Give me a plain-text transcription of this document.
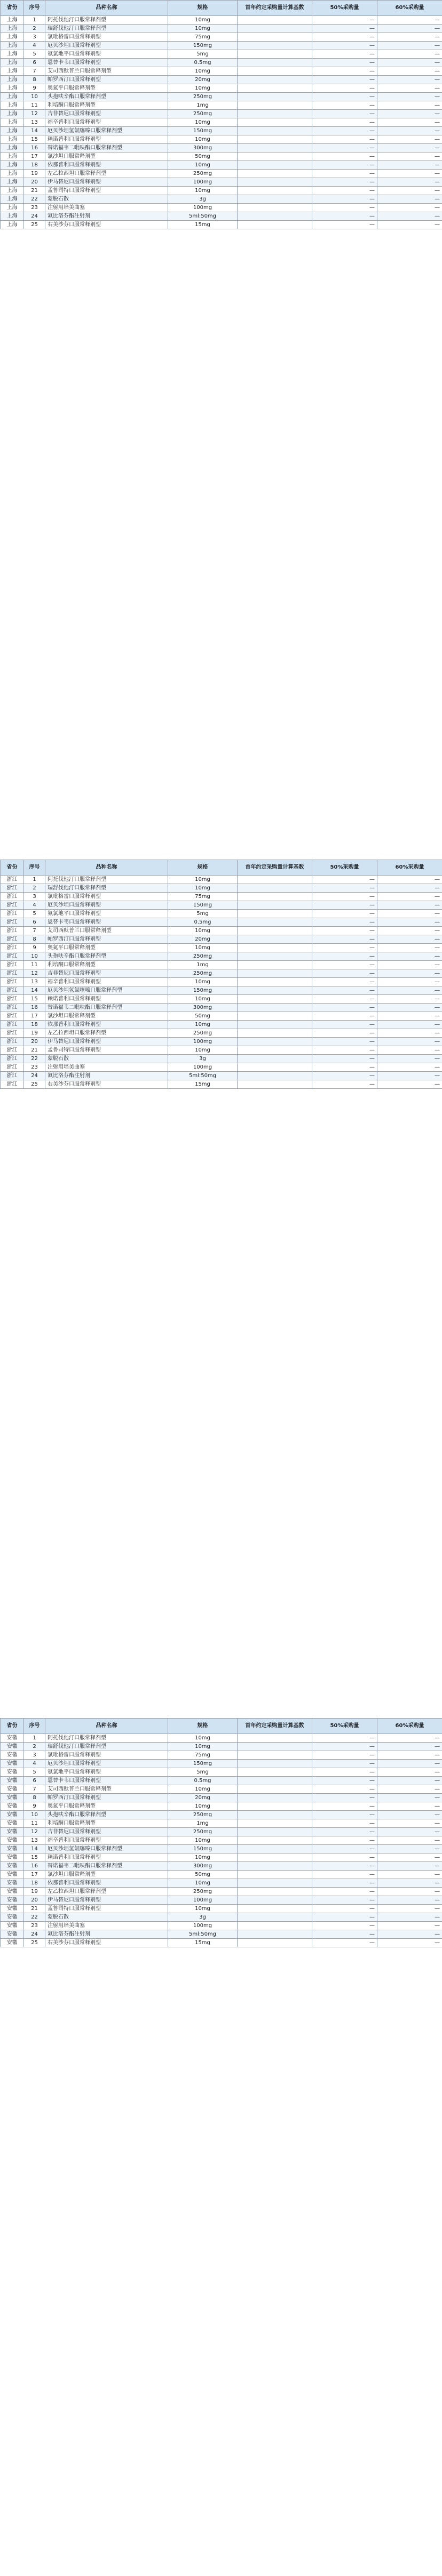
省份	序号	品种名称	规格	首年约定采购量计算基数	50%采购量	60%采购量
上海	1	阿托伐他汀口服常释剂型	10mg		—	—
上海	2	瑞舒伐他汀口服常释剂型	10mg		—	—
上海	3	氯吡格雷口服常释剂型	75mg		—	—
上海	4	厄贝沙坦口服常释剂型	150mg		—	—
上海	5	氨氯地平口服常释剂型	5mg		—	—
上海	6	恩替卡韦口服常释剂型	0.5mg		—	—
上海	7	艾司西酞普兰口服常释剂型	10mg		—	—
上海	8	帕罗西汀口服常释剂型	20mg		—	—
上海	9	奥氮平口服常释剂型	10mg		—	—
上海	10	头孢呋辛酯口服常释剂型	250mg		—	—
上海	11	利培酮口服常释剂型	1mg		—	—
上海	12	吉非替尼口服常释剂型	250mg		—	—
上海	13	福辛普利口服常释剂型	10mg		—	—
上海	14	厄贝沙坦氢氯噻嗪口服常释剂型	150mg		—	—
上海	15	赖诺普利口服常释剂型	10mg		—	—
上海	16	替诺福韦二吡呋酯口服常释剂型	300mg		—	—
上海	17	氯沙坦口服常释剂型	50mg		—	—
上海	18	依那普利口服常释剂型	10mg		—	—
上海	19	左乙拉西坦口服常释剂型	250mg		—	—
上海	20	伊马替尼口服常释剂型	100mg		—	—
上海	21	孟鲁司特口服常释剂型	10mg		—	—
上海	22	蒙脱石散	3g		—	—
上海	23	注射用培美曲塞	100mg		—	—
上海	24	氟比洛芬酯注射剂	5ml:50mg		—	—
上海	25	右美沙芬口服常释剂型	15mg		—	—
省份	序号	品种名称	规格	首年约定采购量计算基数	50%采购量	60%采购量
浙江	1	阿托伐他汀口服常释剂型	10mg		—	—
浙江	2	瑞舒伐他汀口服常释剂型	10mg		—	—
浙江	3	氯吡格雷口服常释剂型	75mg		—	—
浙江	4	厄贝沙坦口服常释剂型	150mg		—	—
浙江	5	氨氯地平口服常释剂型	5mg		—	—
浙江	6	恩替卡韦口服常释剂型	0.5mg		—	—
浙江	7	艾司西酞普兰口服常释剂型	10mg		—	—
浙江	8	帕罗西汀口服常释剂型	20mg		—	—
浙江	9	奥氮平口服常释剂型	10mg		—	—
浙江	10	头孢呋辛酯口服常释剂型	250mg		—	—
浙江	11	利培酮口服常释剂型	1mg		—	—
浙江	12	吉非替尼口服常释剂型	250mg		—	—
浙江	13	福辛普利口服常释剂型	10mg		—	—
浙江	14	厄贝沙坦氢氯噻嗪口服常释剂型	150mg		—	—
浙江	15	赖诺普利口服常释剂型	10mg		—	—
浙江	16	替诺福韦二吡呋酯口服常释剂型	300mg		—	—
浙江	17	氯沙坦口服常释剂型	50mg		—	—
浙江	18	依那普利口服常释剂型	10mg		—	—
浙江	19	左乙拉西坦口服常释剂型	250mg		—	—
浙江	20	伊马替尼口服常释剂型	100mg		—	—
浙江	21	孟鲁司特口服常释剂型	10mg		—	—
浙江	22	蒙脱石散	3g		—	—
浙江	23	注射用培美曲塞	100mg		—	—
浙江	24	氟比洛芬酯注射剂	5ml:50mg		—	—
浙江	25	右美沙芬口服常释剂型	15mg		—	—
省份	序号	品种名称	规格	首年约定采购量计算基数	50%采购量	60%采购量
安徽	1	阿托伐他汀口服常释剂型	10mg		—	—
安徽	2	瑞舒伐他汀口服常释剂型	10mg		—	—
安徽	3	氯吡格雷口服常释剂型	75mg		—	—
安徽	4	厄贝沙坦口服常释剂型	150mg		—	—
安徽	5	氨氯地平口服常释剂型	5mg		—	—
安徽	6	恩替卡韦口服常释剂型	0.5mg		—	—
安徽	7	艾司西酞普兰口服常释剂型	10mg		—	—
安徽	8	帕罗西汀口服常释剂型	20mg		—	—
安徽	9	奥氮平口服常释剂型	10mg		—	—
安徽	10	头孢呋辛酯口服常释剂型	250mg		—	—
安徽	11	利培酮口服常释剂型	1mg		—	—
安徽	12	吉非替尼口服常释剂型	250mg		—	—
安徽	13	福辛普利口服常释剂型	10mg		—	—
安徽	14	厄贝沙坦氢氯噻嗪口服常释剂型	150mg		—	—
安徽	15	赖诺普利口服常释剂型	10mg		—	—
安徽	16	替诺福韦二吡呋酯口服常释剂型	300mg		—	—
安徽	17	氯沙坦口服常释剂型	50mg		—	—
安徽	18	依那普利口服常释剂型	10mg		—	—
安徽	19	左乙拉西坦口服常释剂型	250mg		—	—
安徽	20	伊马替尼口服常释剂型	100mg		—	—
安徽	21	孟鲁司特口服常释剂型	10mg		—	—
安徽	22	蒙脱石散	3g		—	—
安徽	23	注射用培美曲塞	100mg		—	—
安徽	24	氟比洛芬酯注射剂	5ml:50mg		—	—
安徽	25	右美沙芬口服常释剂型	15mg		—	—
